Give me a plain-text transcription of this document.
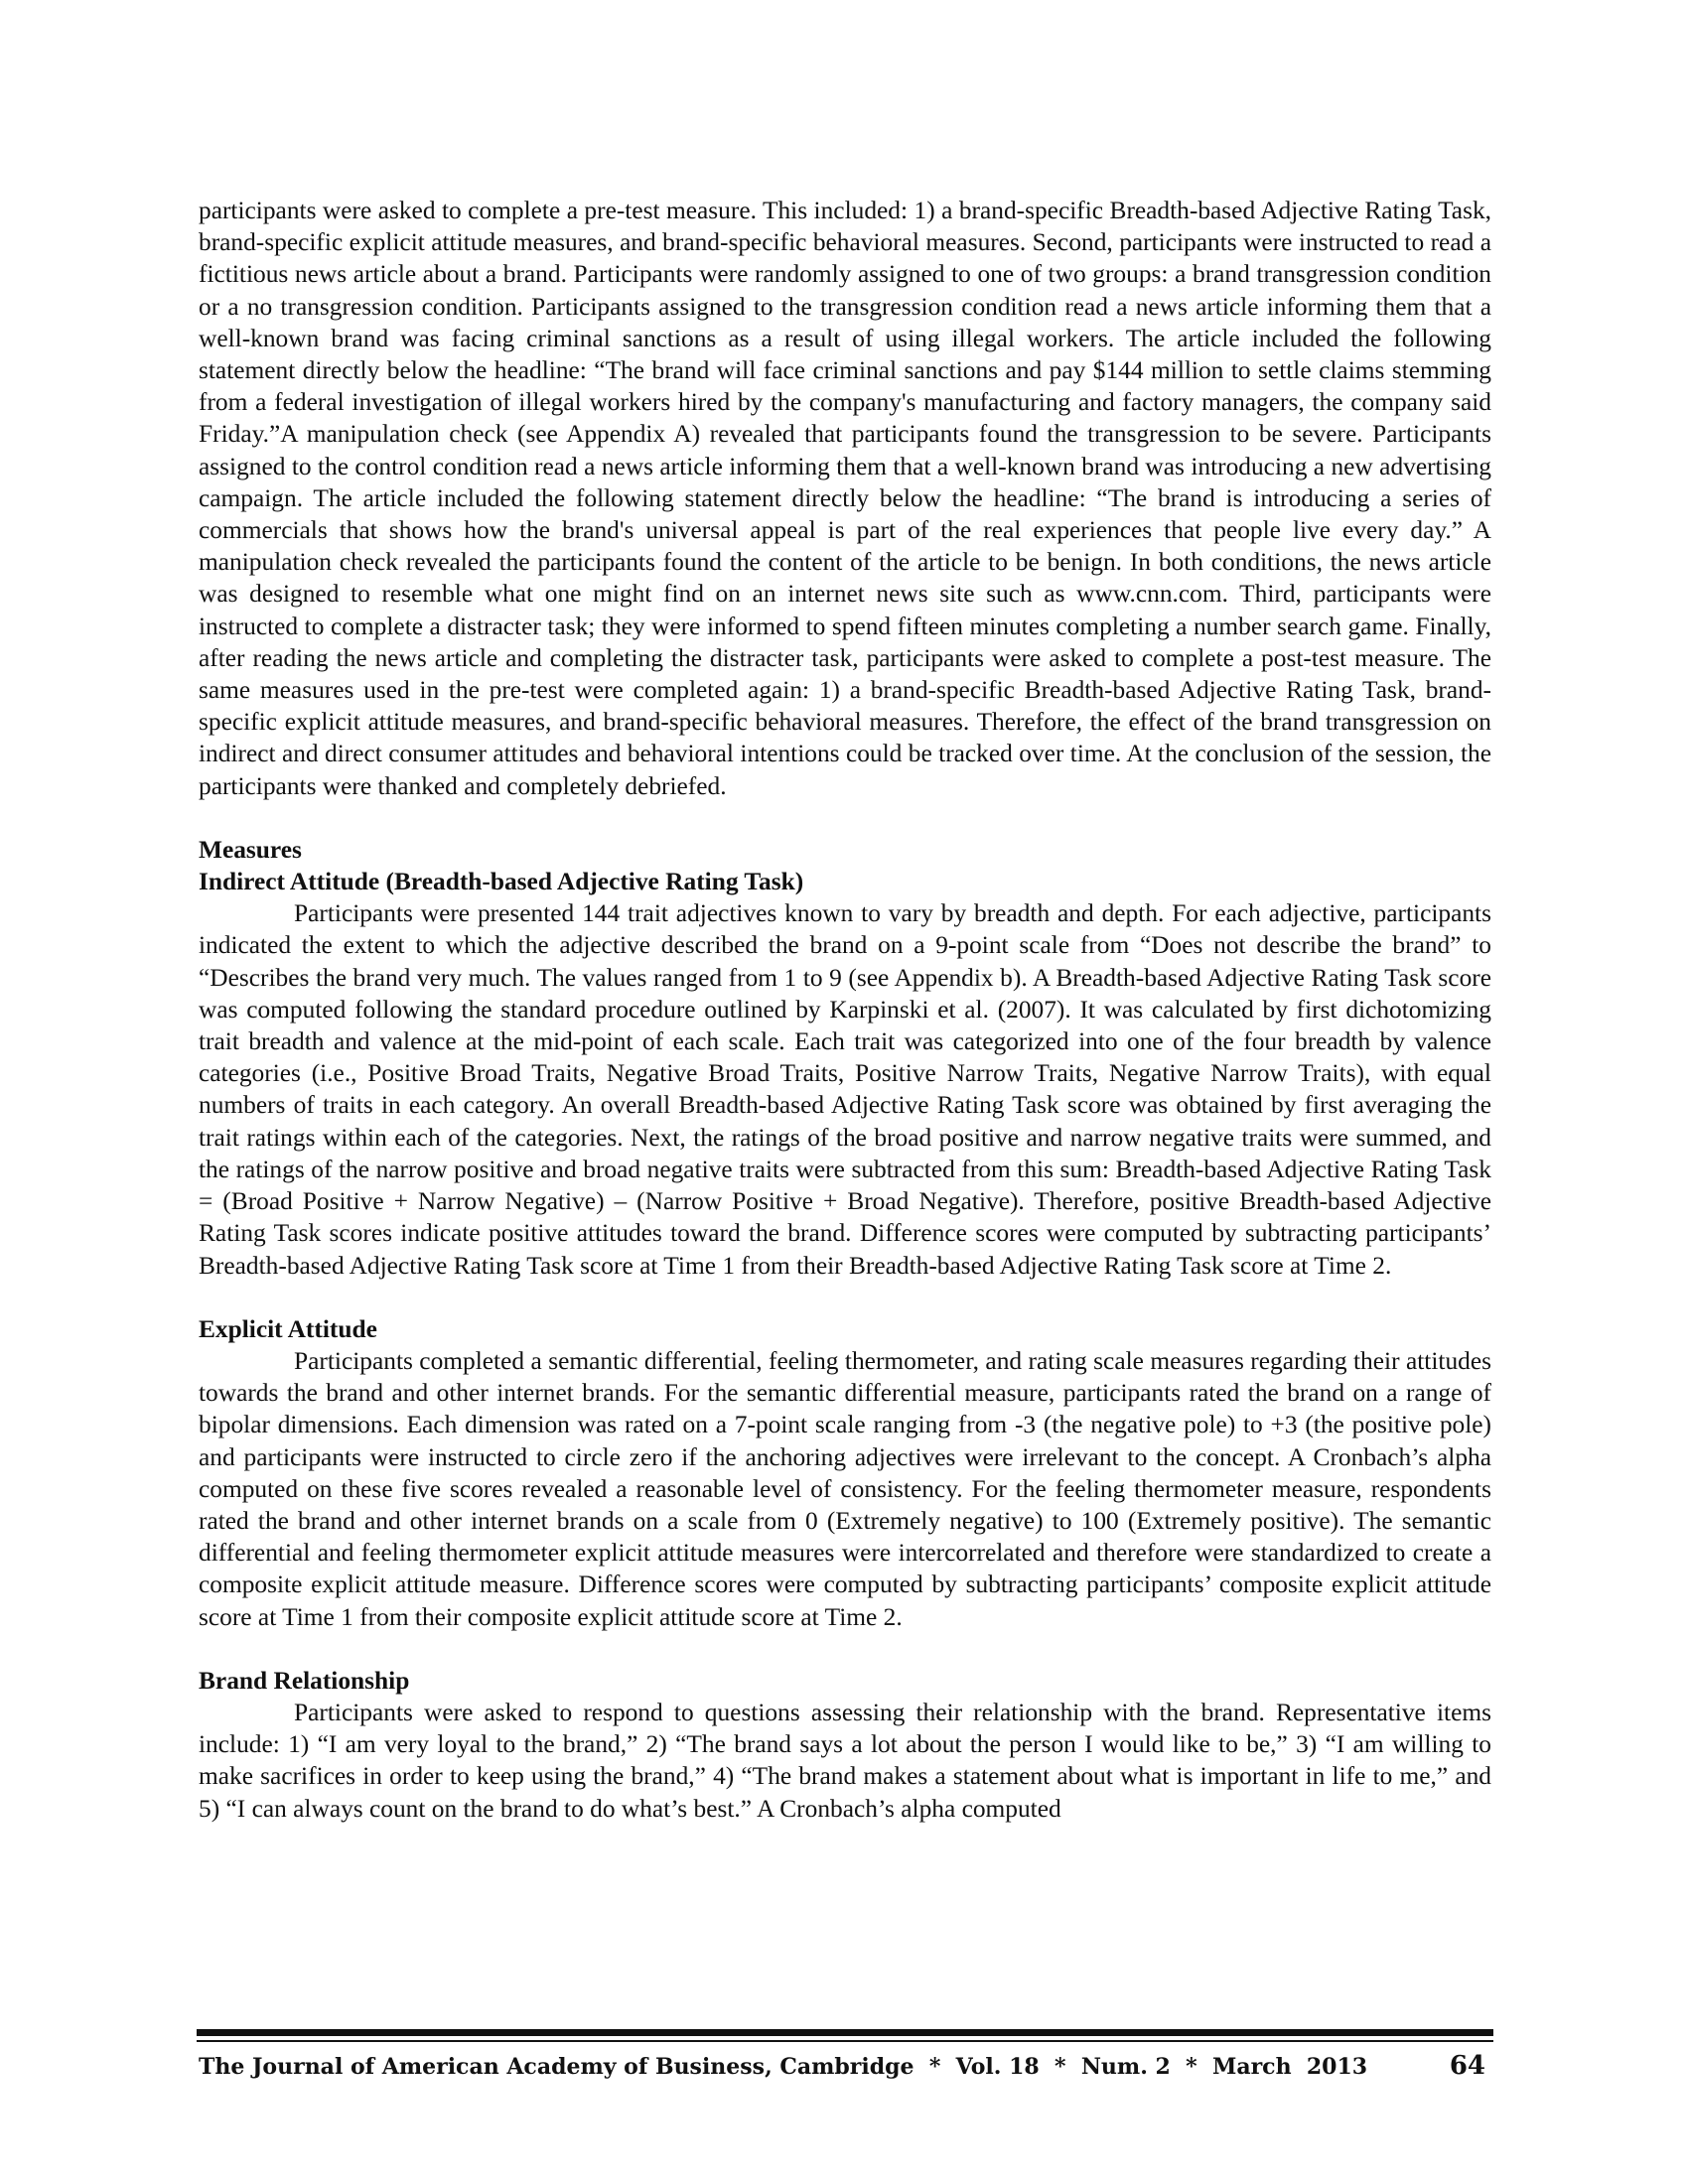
participants were asked to complete a pre-test measure. This included: 1) a brand-specific Breadth-based Adjective Rating Task, brand-specific explicit attitude measures, and brand-specific behavioral measures. Second, participants were instructed to read a fictitious news article about a brand. Participants were randomly assigned to one of two groups: a brand transgression condition or a no transgression condition. Participants assigned to the transgression condition read a news article informing them that a well-known brand was facing criminal sanctions as a result of using illegal workers. The article included the following statement directly below the headline: “The brand will face criminal sanctions and pay $144 million to settle claims stemming from a federal investigation of illegal workers hired by the company's manufacturing and factory managers, the company said Friday.”A manipulation check (see Appendix A) revealed that participants found the transgression to be severe. Participants assigned to the control condition read a news article informing them that a well-known brand was introducing a new advertising campaign. The article included the following statement directly below the headline: “The brand is introducing a series of commercials that shows how the brand's universal appeal is part of the real experiences that people live every day.” A manipulation check revealed the participants found the content of the article to be benign. In both conditions, the news article was designed to resemble what one might find on an internet news site such as www.cnn.com. Third, participants were instructed to complete a distracter task; they were informed to spend fifteen minutes completing a number search game. Finally, after reading the news article and completing the distracter task, participants were asked to complete a post-test measure. The same measures used in the pre-test were completed again: 1) a brand-specific Breadth-based Adjective Rating Task, brand-specific explicit attitude measures, and brand-specific behavioral measures. Therefore, the effect of the brand transgression on indirect and direct consumer attitudes and behavioral intentions could be tracked over time. At the conclusion of the session, the participants were thanked and completely debriefed.

Measures

Indirect Attitude (Breadth-based Adjective Rating Task)

Participants were presented 144 trait adjectives known to vary by breadth and depth. For each adjective, participants indicated the extent to which the adjective described the brand on a 9-point scale from “Does not describe the brand” to “Describes the brand very much. The values ranged from 1 to 9 (see Appendix b). A Breadth-based Adjective Rating Task score was computed following the standard procedure outlined by Karpinski et al. (2007). It was calculated by first dichotomizing trait breadth and valence at the mid-point of each scale. Each trait was categorized into one of the four breadth by valence categories (i.e., Positive Broad Traits, Negative Broad Traits, Positive Narrow Traits, Negative Narrow Traits), with equal numbers of traits in each category. An overall Breadth-based Adjective Rating Task score was obtained by first averaging the trait ratings within each of the categories. Next, the ratings of the broad positive and narrow negative traits were summed, and the ratings of the narrow positive and broad negative traits were subtracted from this sum: Breadth-based Adjective Rating Task = (Broad Positive + Narrow Negative) – (Narrow Positive + Broad Negative). Therefore, positive Breadth-based Adjective Rating Task scores indicate positive attitudes toward the brand. Difference scores were computed by subtracting participants’ Breadth-based Adjective Rating Task score at Time 1 from their Breadth-based Adjective Rating Task score at Time 2.

Explicit Attitude

Participants completed a semantic differential, feeling thermometer, and rating scale measures regarding their attitudes towards the brand and other internet brands. For the semantic differential measure, participants rated the brand on a range of bipolar dimensions. Each dimension was rated on a 7-point scale ranging from -3 (the negative pole) to +3 (the positive pole) and participants were instructed to circle zero if the anchoring adjectives were irrelevant to the concept. A Cronbach’s alpha computed on these five scores revealed a reasonable level of consistency. For the feeling thermometer measure, respondents rated the brand and other internet brands on a scale from 0 (Extremely negative) to 100 (Extremely positive). The semantic differential and feeling thermometer explicit attitude measures were intercorrelated and therefore were standardized to create a composite explicit attitude measure. Difference scores were computed by subtracting participants’ composite explicit attitude score at Time 1 from their composite explicit attitude score at Time 2.

Brand Relationship

Participants were asked to respond to questions assessing their relationship with the brand. Representative items include: 1) “I am very loyal to the brand,” 2) “The brand says a lot about the person I would like to be,” 3) “I am willing to make sacrifices in order to keep using the brand,” 4) “The brand makes a statement about what is important in life to me,” and 5) “I can always count on the brand to do what’s best.” A Cronbach’s alpha computed

The Journal of American Academy of Business, Cambridge  *  Vol. 18  *  Num. 2  *  March  2013	64
